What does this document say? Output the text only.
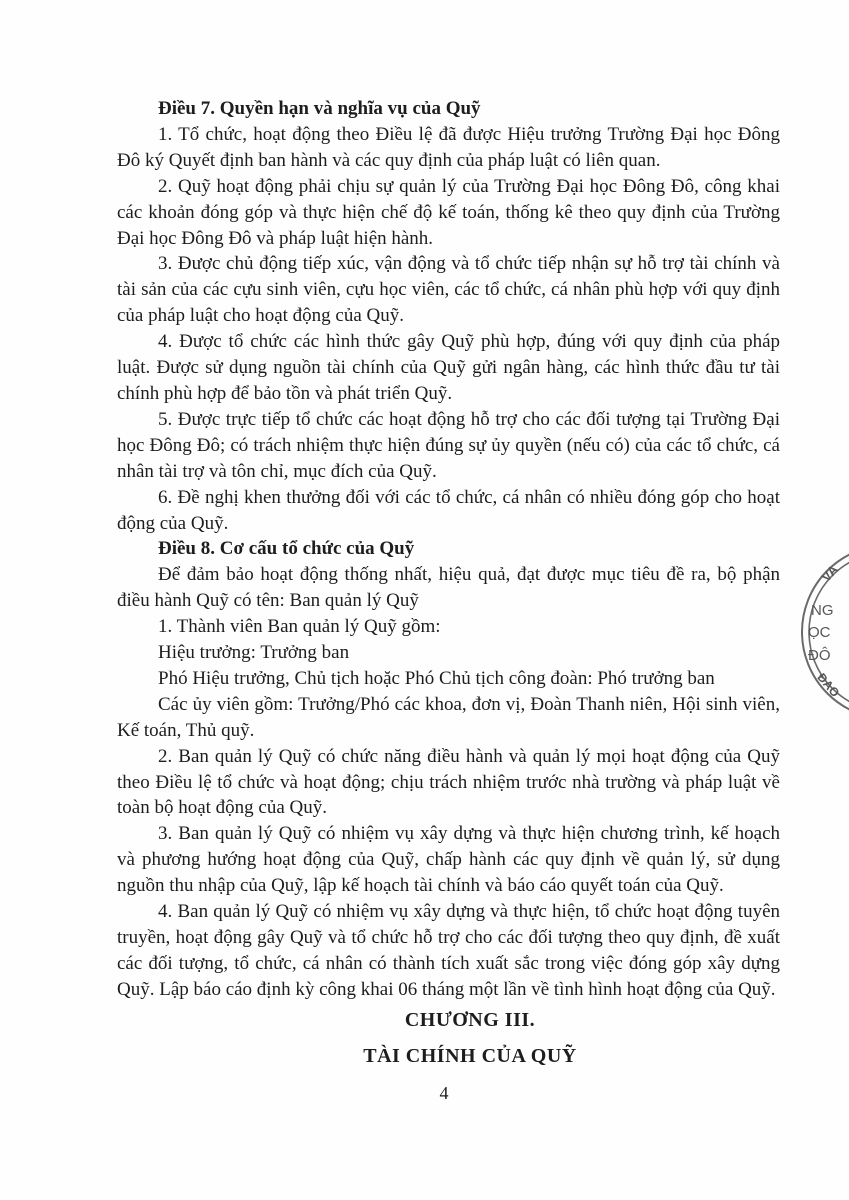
Điều 7. Quyền hạn và nghĩa vụ của Quỹ

1. Tổ chức, hoạt động theo Điều lệ đã được Hiệu trưởng Trường Đại học Đông Đô ký Quyết định ban hành và các quy định của pháp luật có liên quan.

2. Quỹ hoạt động phải chịu sự quản lý của Trường Đại học Đông Đô, công khai các khoản đóng góp và thực hiện chế độ kế toán, thống kê theo quy định của Trường Đại học Đông Đô và pháp luật hiện hành.

3. Được chủ động tiếp xúc, vận động và tổ chức tiếp nhận sự hỗ trợ tài chính và tài sản của các cựu sinh viên, cựu học viên, các tổ chức, cá nhân phù hợp với quy định của pháp luật cho hoạt động của Quỹ.

4. Được tổ chức các hình thức gây Quỹ phù hợp, đúng với quy định của pháp luật. Được sử dụng nguồn tài chính của Quỹ gửi ngân hàng, các hình thức đầu tư tài chính phù hợp để bảo tồn và phát triển Quỹ.

5. Được trực tiếp tổ chức các hoạt động hỗ trợ cho các đối tượng tại Trường Đại học Đông Đô; có trách nhiệm thực hiện đúng sự ủy quyền (nếu có) của các tổ chức, cá nhân tài trợ và tôn chỉ, mục đích của Quỹ.

6. Đề nghị khen thưởng đối với các tổ chức, cá nhân có nhiều đóng góp cho hoạt động của Quỹ.

Điều 8. Cơ cấu tổ chức của Quỹ

Để đảm bảo hoạt động thống nhất, hiệu quả, đạt được mục tiêu đề ra, bộ phận điều hành Quỹ có tên: Ban quản lý Quỹ

1. Thành viên Ban quản lý Quỹ gồm:

Hiệu trưởng: Trưởng ban

Phó Hiệu trưởng, Chủ tịch hoặc Phó Chủ tịch công đoàn: Phó trưởng ban

Các ủy viên gồm: Trưởng/Phó các khoa, đơn vị, Đoàn Thanh niên, Hội sinh viên, Kế toán, Thủ quỹ.

2. Ban quản lý Quỹ có chức năng điều hành và quản lý mọi hoạt động của Quỹ theo Điều lệ tổ chức và hoạt động; chịu trách nhiệm trước nhà trường và pháp luật về toàn bộ hoạt động của Quỹ.

3. Ban quản lý Quỹ có nhiệm vụ xây dựng và thực hiện chương trình, kế hoạch và phương hướng hoạt động của Quỹ, chấp hành các quy định về quản lý, sử dụng nguồn thu nhập của Quỹ, lập kế hoạch tài chính và báo cáo quyết toán của Quỹ.

4. Ban quản lý Quỹ có nhiệm vụ xây dựng và thực hiện, tổ chức hoạt động tuyên truyền, hoạt động gây Quỹ và tổ chức hỗ trợ cho các đối tượng theo quy định, đề xuất các đối tượng, tổ chức, cá nhân có thành tích xuất sắc trong việc đóng góp xây dựng Quỹ. Lập báo cáo định kỳ công khai 06 tháng một lần về tình hình hoạt động của Quỹ.

CHƯƠNG III.

TÀI CHÍNH CỦA QUỸ

4
VA
NG
ỌC
ĐÔ
ĐAO
